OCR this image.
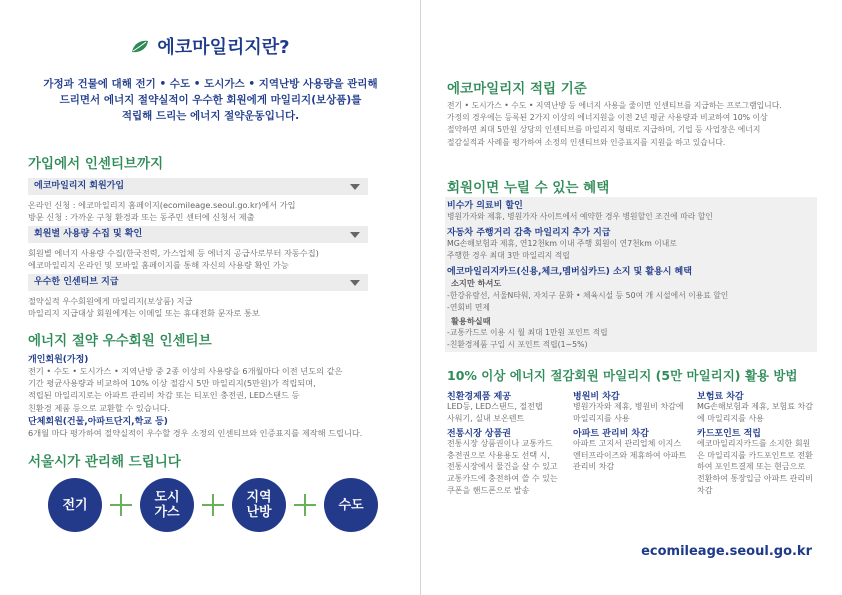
에코마일리지란?
가정과 건물에 대해 전기 • 수도 • 도시가스 • 지역난방 사용량을 관리해
드리면서 에너지 절약실적이 우수한 회원에게 마일리지(보상품)를
적립해 드리는 에너지 절약운동입니다.
가입에서 인센티브까지
에코마일리지 회원가입
온라인 신청 : 에코마일리지 홈페이지(ecomileage.seoul.go.kr)에서 가입
방문 신청 : 가까운 구청 환경과 또는 동주민 센터에 신청서 제출
회원별 사용량 수집 및 확인
회원별 에너지 사용량 수집(한국전력, 가스업체 등 에너지 공급사로부터 자동수집)
에코마일리지 온라인 및 모바일 홈페이지를 통해 자신의 사용량 확인 가능
우수한 인센티브 지급
절약실적 우수회원에게 마일리지(보상품) 지급
마일리지 지급대상 회원에게는 이메일 또는 휴대전화 문자로 통보
에너지 절약 우수회원 인센티브
개인회원(가정)
전기 • 수도 • 도시가스 • 지역난방 중 2종 이상의 사용량을 6개월마다 이전 년도의 같은
기간 평균사용량과 비교하여 10% 이상 절감시 5만 마일리지(5만원)가 적립되며,
적립된 마일리지로는 아파트 관리비 차감 또는 티포인 충전권, LED스탠드 등
친환경 제품 등으로 교환할 수 있습니다.
단체회원(건물,아파트단지,학교 등)
6개월 마다 평가하여 절약실적이 우수할 경우 소정의 인센티브와 인증표지를 제작해 드립니다.
서울시가 관리해 드립니다
전기	도시
가스
지역
난방	수도
에코마일리지 적립 기준
전기 • 도시가스 • 수도 • 지역난방 등 에너지 사용을 줄이면 인센티브를 지급하는 프로그램입니다.
가정의 경우에는 등록된 2가지 이상의 에너지원을 이전 2년 평균 사용량과 비교하여 10% 이상
절약하면 최대 5만원 상당의 인센티브를 마일리지 형태로 지급하며, 기업 등 사업장은 에너지
절감실적과 사례를 평가하여 소정의 인센티브와 인증표지를 지원을 하고 있습니다.
회원이면 누릴 수 있는 혜택
비수가 의료비 할인
병원가자와 제휴, 병원가자 사이트에서 예약한 경우 병원할인 조건에 따라 할인
자동차 주행거리 감축 마일리지 추가 지급
MG손해보험과 제휴, 연12천km 이내 주행 회원이 연7천km 이내로
주행한 경우 최대 3만 마일리지 적립
에코마일리지카드(신용,체크,멤버십카드) 소지 및 활용시 혜택
소지만 하셔도
-한강유람선, 서울N타워, 자치구 문화 • 체육시설 등 50여 개 시설에서 이용료 할인
-연회비 면제
활용하실때
-교통카드로 이용 시 월 최대 1만원 포인트 적립
-친환경제품 구입 시 포인트 적립(1~5%)
10% 이상 에너지 절감회원 마일리지 (5만 마일리지) 활용 방법
친환경제품 제공
LED등, LED스탠드, 절전탭
사워기, 실내 보온텐트
전통시장 상품권
전통시장 상품권이나 교통카드
충전권으로 사용용도 선택 시,
전통시장에서 물건을 살 수 있고
교통카드에 충전하여 쓸 수 있는
쿠폰을 핸드폰으로 발송
병원비 차감
병원가자와 제휴, 병원비 차감에
마일리지를 사용
아파트 관리비 차감
아파트 고지서 관리업체 이지스
엔터프라이즈와 제휴하여 아파트
관리비 차감
보험료 차감
MG손해보험과 제휴, 보험료 차감
에 마일리지를 사용
카드포인트 적립
에코마일리지카드를 소지한 회원
은 마일리지를 카드포인트로 전환
하여 포인트결제 또는 현금으로
전환하여 통장입금 아파트 관리비
차감
ecomileage.seoul.go.kr
